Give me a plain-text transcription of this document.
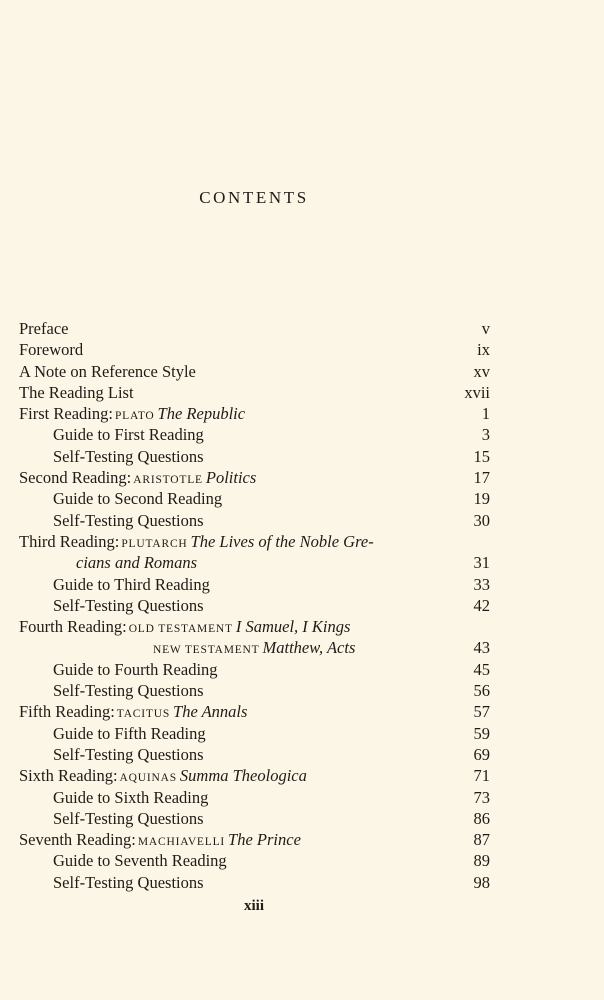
CONTENTS
Preface	v
Foreword	ix
A Note on Reference Style	xv
The Reading List	xvii
First Reading: PLATO The Republic	1
Guide to First Reading	3
Self-Testing Questions	15
Second Reading: ARISTOTLE Politics	17
Guide to Second Reading	19
Self-Testing Questions	30
Third Reading: PLUTARCH The Lives of the Noble Gre-
cians and Romans	31
Guide to Third Reading	33
Self-Testing Questions	42
Fourth Reading: OLD TESTAMENT I Samuel, I Kings
NEW TESTAMENT Matthew, Acts	43
Guide to Fourth Reading	45
Self-Testing Questions	56
Fifth Reading: TACITUS The Annals	57
Guide to Fifth Reading	59
Self-Testing Questions	69
Sixth Reading: AQUINAS Summa Theologica	71
Guide to Sixth Reading	73
Self-Testing Questions	86
Seventh Reading: MACHIAVELLI The Prince	87
Guide to Seventh Reading	89
Self-Testing Questions	98
xiii
